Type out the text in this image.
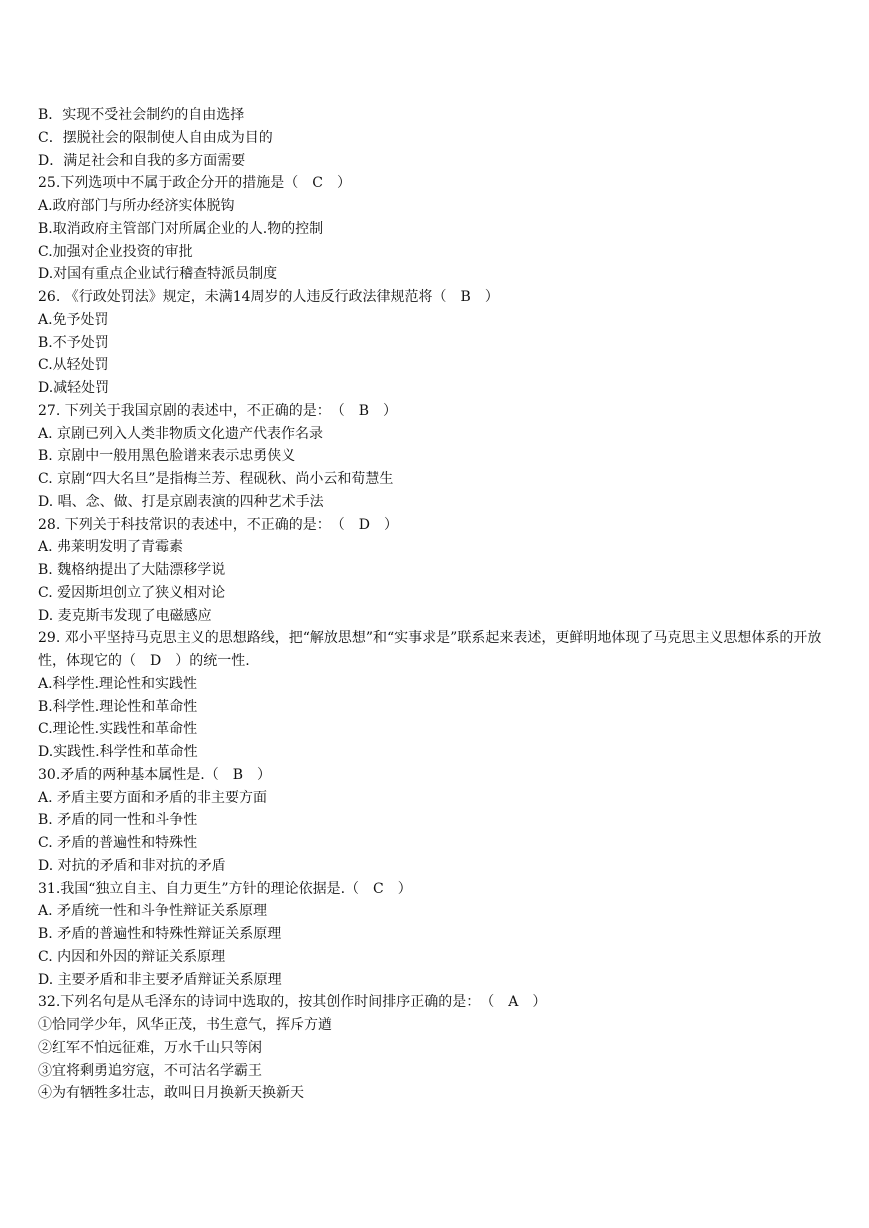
B．实现不受社会制约的自由选择
C．摆脱社会的限制使人自由成为目的
D．满足社会和自我的多方面需要
25.下列选项中不属于政企分开的措施是（　C　）
A.政府部门与所办经济实体脱钩
B.取消政府主管部门对所属企业的人.物的控制
C.加强对企业投资的审批
D.对国有重点企业试行稽查特派员制度
26. 《行政处罚法》规定，未满14周岁的人违反行政法律规范将（　B　）
A.免予处罚
B.不予处罚
C.从轻处罚
D.减轻处罚
27. 下列关于我国京剧的表述中，不正确的是：　（　B　）
A. 京剧已列入人类非物质文化遗产代表作名录
B. 京剧中一般用黑色脸谱来表示忠勇侠义
C. 京剧“四大名旦”是指梅兰芳、程砚秋、尚小云和荀慧生
D. 唱、念、做、打是京剧表演的四种艺术手法
28. 下列关于科技常识的表述中，不正确的是：　（　D　）
A. 弗莱明发明了青霉素
B. 魏格纳提出了大陆漂移学说
C. 爱因斯坦创立了狭义相对论
D. 麦克斯韦发现了电磁感应
29. 邓小平坚持马克思主义的思想路线，把“解放思想”和“实事求是”联系起来表述，更鲜明地体现了马克思主义思想体系的开放性，体现它的（　D　）的统一性.
A.科学性.理论性和实践性
B.科学性.理论性和革命性
C.理论性.实践性和革命性
D.实践性.科学性和革命性
30.矛盾的两种基本属性是.（　B　）
A. 矛盾主要方面和矛盾的非主要方面
B. 矛盾的同一性和斗争性
C. 矛盾的普遍性和特殊性
D. 对抗的矛盾和非对抗的矛盾
31.我国“独立自主、自力更生”方针的理论依据是.（　C　）
A. 矛盾统一性和斗争性辩证关系原理
B. 矛盾的普遍性和特殊性辩证关系原理
C. 内因和外因的辩证关系原理
D. 主要矛盾和非主要矛盾辩证关系原理
32.下列名句是从毛泽东的诗词中选取的，按其创作时间排序正确的是：　（　A　）
①恰同学少年，风华正茂，书生意气，挥斥方遒
②红军不怕远征难，万水千山只等闲
③宜将剩勇追穷寇，不可沽名学霸王
④为有牺牲多壮志，敢叫日月换新天换新天
